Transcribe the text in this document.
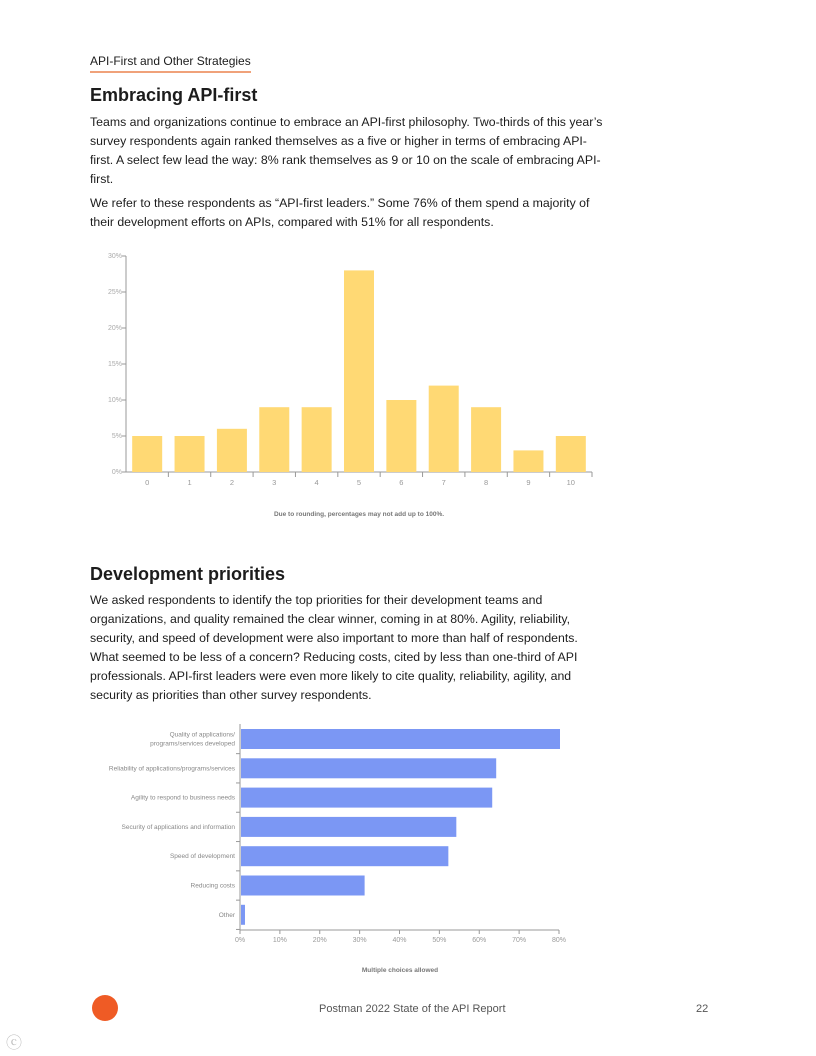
API-First and Other Strategies
Embracing API-first

Teams and organizations continue to embrace an API-first philosophy. Two-thirds of this year’s survey respondents again ranked themselves as a five or higher in terms of embracing API-first. A select few lead the way: 8% rank themselves as 9 or 10 on the scale of embracing API-first.

We refer to these respondents as “API-first leaders.” Some 76% of them spend a majority of their development efforts on APIs, compared with 51% for all respondents.

Development priorities

We asked respondents to identify the top priorities for their development teams and organizations, and quality remained the clear winner, coming in at 80%. Agility, reliability, security, and speed of development were also important to more than half of respondents. What seemed to be less of a concern? Reducing costs, cited by less than one-third of API professionals. API-first leaders were even more likely to cite quality, reliability, agility, and security as priorities than other survey respondents.

0%
5%
10%
15%
20%
25%
30%
0	1	2	3	4	5	6	7	8	9	10
Due to rounding, percentages may not add up to 100%.
Quality of applications/
programs/services developed
Reliability of applications/programs/services
Agility to respond to business needs
Security of applications and information
Speed of development
Reducing costs
Other
0%	10%	20%	30%	40%	50%	60%	70%	80%
Multiple choices allowed
Postman 2022 State of the API Report	22
ⓒ
